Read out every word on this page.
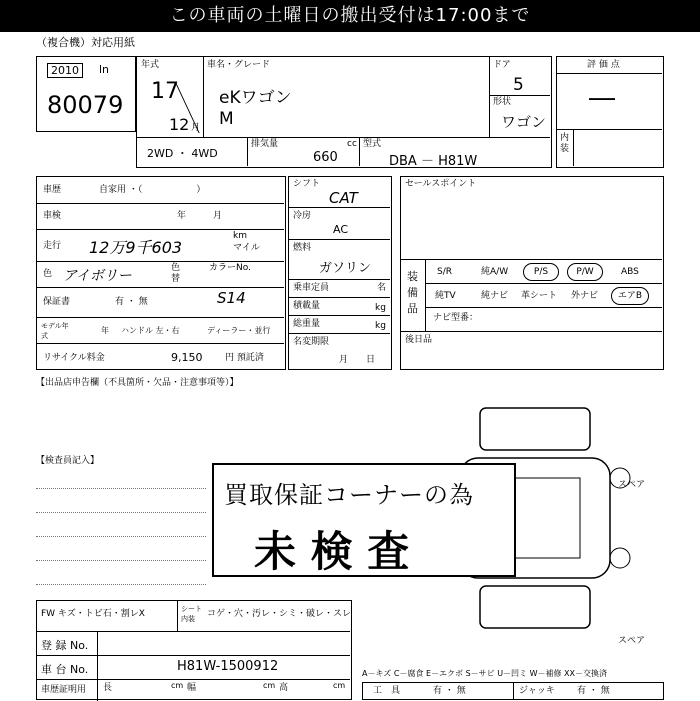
この車両の土曜日の搬出受付は17:00まで
（複合機）対応用紙
2010	ln
80079
年式
17
12 月
車名・グレード
eKワゴン
M
ドア
5
形状
ワゴン
2WD ・ 4WD
排気量	cc
660
型式
DBA － H81W
評 価 点
―
内装
車歴	自家用 ・（　　　　　　）
車検	年　　　月
走行 12万9千603
km
マイル
色 アイボリー	色替
カラーNo.
S14
保証書	有 ・ 無
モデル年式
年 ハンドル 左・右	ディーラー・並行
リサイクル料金	9,150	円 預託済
シフト
CAT
冷房
AC
燃料
ガソリン
乗車定員	名
積載量	kg
総重量	kg
名変期限
月　　日
セールスポイント
装備品
S/R	純A/W	P/S	P/W	ABS
純TV	純ナビ 革シート 外ナビ	エアB
ナビ型番：
後日品
【出品店申告欄（不具箇所・欠品・注意事項等）】
【検査員記入】
スペア
スペア
買取保証コーナーの為
未 検 査
FW キズ・トビ石・割レX	シート内装	コゲ・穴・汚レ・シミ・破レ・スレ
登 録 No.
車 台 No.	H81W-1500912
車歴証明用 長	cm 幅	cm 高	cm
A－キズ C－腐食 E－エクボ S－サビ U－凹ミ W－補修 XX－交換済
工　具	有 ・ 無	ジャッキ 有 ・ 無
